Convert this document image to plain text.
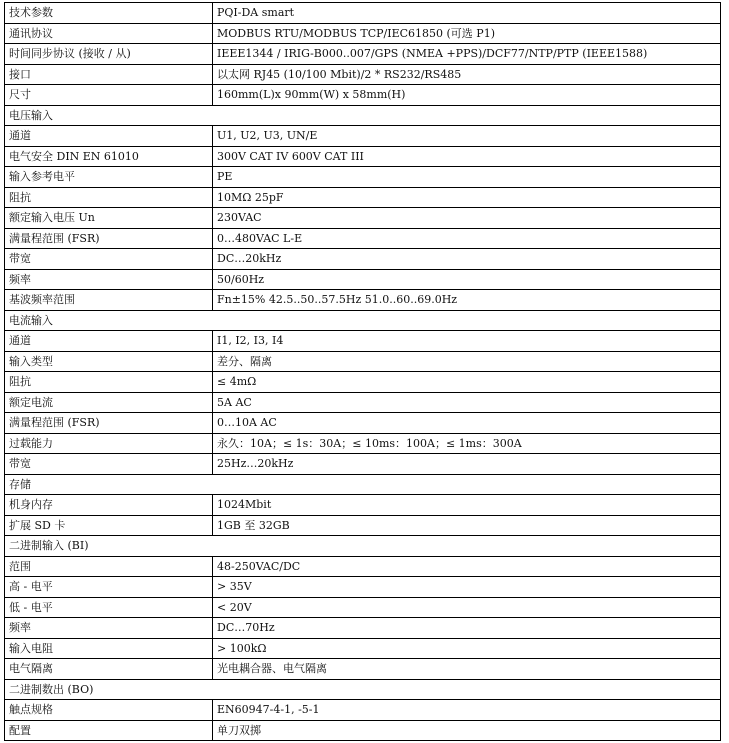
技术参数	PQI-DA smart
通讯协议	MODBUS RTU/MODBUS TCP/IEC61850 (可选 P1)
时间同步协议 (接收 / 从)	IEEE1344 / IRIG-B000..007/GPS (NMEA +PPS)/DCF77/NTP/PTP (IEEE1588)
接口	以太网 RJ45 (10/100 Mbit)/2 * RS232/RS485
尺寸	160mm(L)x 90mm(W) x 58mm(H)
电压输入	
通道	U1, U2, U3, UN/E
电气安全 DIN EN 61010	300V CAT IV 600V CAT III
输入参考电平	PE
阻抗	10MΩ 25pF
额定输入电压 Un	230VAC
满量程范围 (FSR)	0…480VAC L-E
带宽	DC…20kHz
频率	50/60Hz
基波频率范围	Fn±15% 42.5..50..57.5Hz 51.0..60..69.0Hz
电流输入	
通道	I1, I2, I3, I4
输入类型	差分、隔离
阻抗	≤ 4mΩ
额定电流	5A AC
满量程范围 (FSR)	0…10A AC
过载能力	永久：10A；≤ 1s：30A；≤ 10ms：100A；≤ 1ms：300A
带宽	25Hz…20kHz
存储	
机身内存	1024Mbit
扩展 SD 卡	1GB 至 32GB
二进制输入 (BI)	
范围	48-250VAC/DC
高 - 电平	> 35V
低 - 电平	< 20V
频率	DC…70Hz
输入电阻	> 100kΩ
电气隔离	光电耦合器、电气隔离
二进制数出 (BO)	
触点规格	EN60947-4-1, -5-1
配置	单刀双掷
